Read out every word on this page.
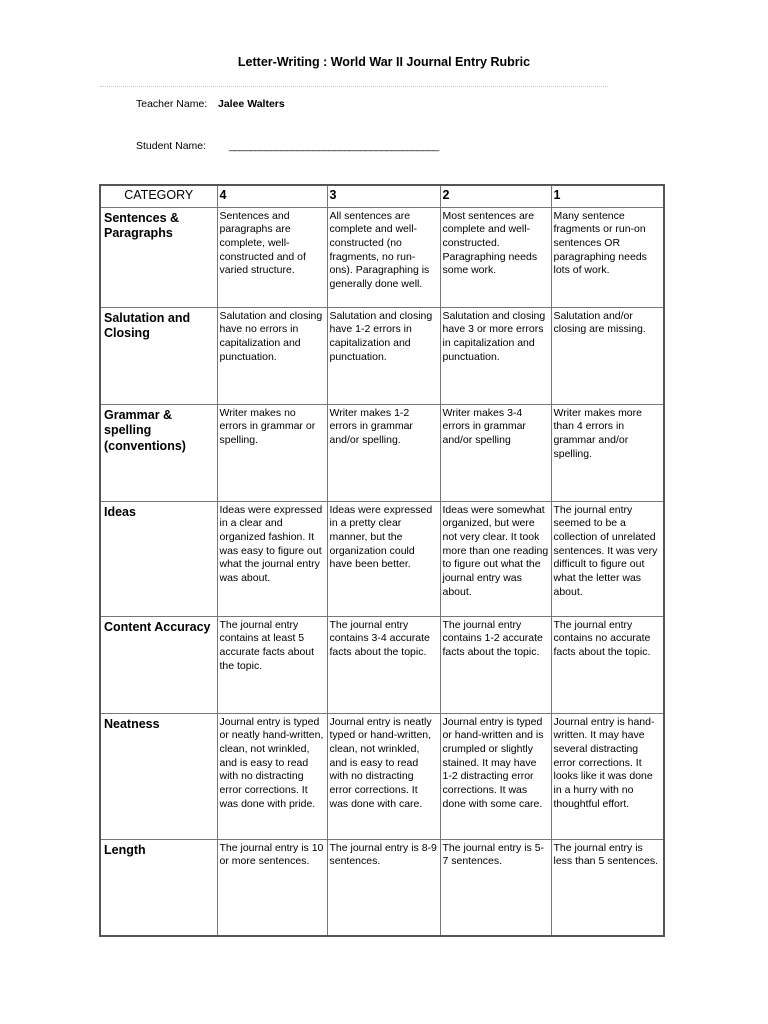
Letter-Writing : World War II Journal Entry Rubric
Teacher Name: Jalee Walters
Student Name: ________________________________________
CATEGORY	4	3	2	1

Sentences & Paragraphs	Sentences and paragraphs are complete, well-constructed and of varied structure.	All sentences are complete and well-constructed (no fragments, no run-ons). Paragraphing is generally done well.	Most sentences are complete and well-constructed. Paragraphing needs some work.	Many sentence fragments or run-on sentences OR paragraphing needs lots of work.

Salutation and Closing	Salutation and closing have no errors in capitalization and punctuation.	Salutation and closing have 1-2 errors in capitalization and punctuation.	Salutation and closing have 3 or more errors in capitalization and punctuation.	Salutation and/or closing are missing.

Grammar & spelling (conventions)	Writer makes no errors in grammar or spelling.	Writer makes 1-2 errors in grammar and/or spelling.	Writer makes 3-4 errors in grammar and/or spelling	Writer makes more than 4 errors in grammar and/or spelling.

Ideas	Ideas were expressed in a clear and organized fashion. It was easy to figure out what the journal entry was about.	Ideas were expressed in a pretty clear manner, but the organization could have been better.	Ideas were somewhat organized, but were not very clear. It took more than one reading to figure out what the journal entry was about.	The journal entry seemed to be a collection of unrelated sentences. It was very difficult to figure out what the letter was about.

Content Accuracy	The journal entry contains at least 5 accurate facts about the topic.	The journal entry contains 3-4 accurate facts about the topic.	The journal entry contains 1-2 accurate facts about the topic.	The journal entry contains no accurate facts about the topic.

Neatness	Journal entry is typed or neatly hand-written, clean, not wrinkled, and is easy to read with no distracting error corrections. It was done with pride.	Journal entry is neatly typed or hand-written, clean, not wrinkled, and is easy to read with no distracting error corrections. It was done with care.	Journal entry is typed or hand-written and is crumpled or slightly stained. It may have 1-2 distracting error corrections. It was done with some care.	Journal entry is hand-written. It may have several distracting error corrections. It looks like it was done in a hurry with no thoughtful effort.

Length	The journal entry is 10 or more sentences.	The journal entry is 8-9 sentences.	The journal entry is 5-7 sentences.	The journal entry is less than 5 sentences.
